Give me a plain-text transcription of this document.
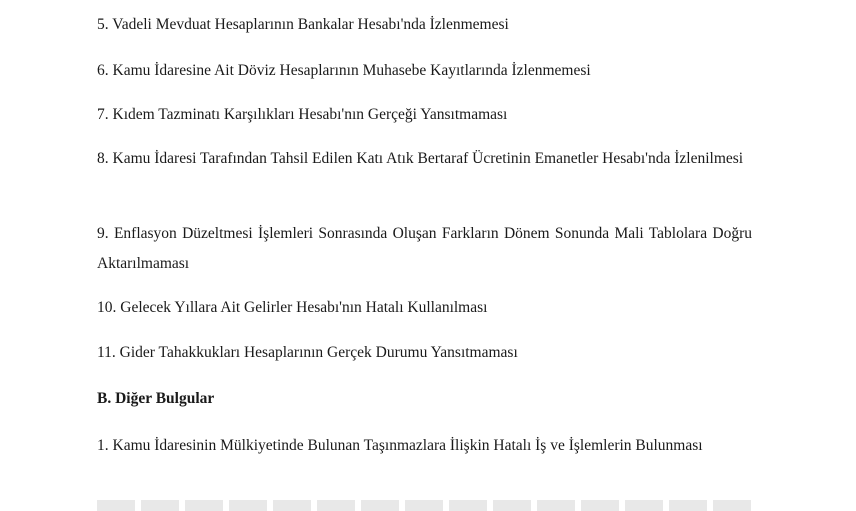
5. Vadeli Mevduat Hesaplarının Bankalar Hesabı'nda İzlenmemesi

6. Kamu İdaresine Ait Döviz Hesaplarının Muhasebe Kayıtlarında İzlenmemesi

7. Kıdem Tazminatı Karşılıkları Hesabı'nın Gerçeği Yansıtmaması

8. Kamu İdaresi Tarafından Tahsil Edilen Katı Atık Bertaraf Ücretinin Emanetler Hesabı'nda İzlenilmesi

9. Enflasyon Düzeltmesi İşlemleri Sonrasında Oluşan Farkların Dönem Sonunda Mali Tablolara Doğru Aktarılmaması

10. Gelecek Yıllara Ait Gelirler Hesabı'nın Hatalı Kullanılması

11. Gider Tahakkukları Hesaplarının Gerçek Durumu Yansıtmaması

B. Diğer Bulgular

1. Kamu İdaresinin Mülkiyetinde Bulunan Taşınmazlara İlişkin Hatalı İş ve İşlemlerin Bulunması
